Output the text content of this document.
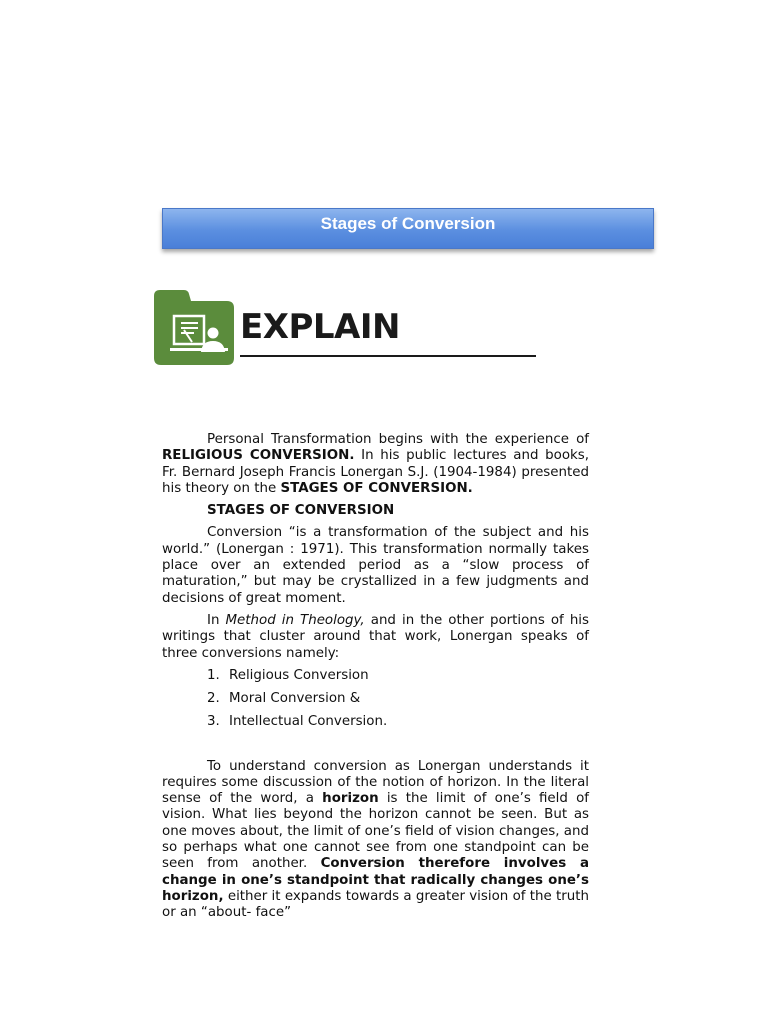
Stages of Conversion
EXPLAIN

Personal Transformation begins with the experience of RELIGIOUS CONVERSION. In his public lectures and books, Fr. Bernard Joseph Francis Lonergan S.J. (1904-1984) presented his theory on the STAGES OF CONVERSION.

STAGES OF CONVERSION

Conversion “is a transformation of the subject and his world.” (Lonergan : 1971). This transformation normally takes place over an extended period as a “slow process of maturation,” but may be crystallized in a few judgments and decisions of great moment.

In Method in Theology, and in the other portions of his writings that cluster around that work, Lonergan speaks of three conversions namely:

1. Religious Conversion
2. Moral Conversion &
3. Intellectual Conversion.

To understand conversion as Lonergan understands it requires some discussion of the notion of horizon. In the literal sense of the word, a horizon is the limit of one’s field of vision. What lies beyond the horizon cannot be seen. But as one moves about, the limit of one’s field of vision changes, and so perhaps what one cannot see from one standpoint can be seen from another. Conversion therefore involves a change in one’s standpoint that radically changes one’s horizon, either it expands towards a greater vision of the truth or an “about- face”
